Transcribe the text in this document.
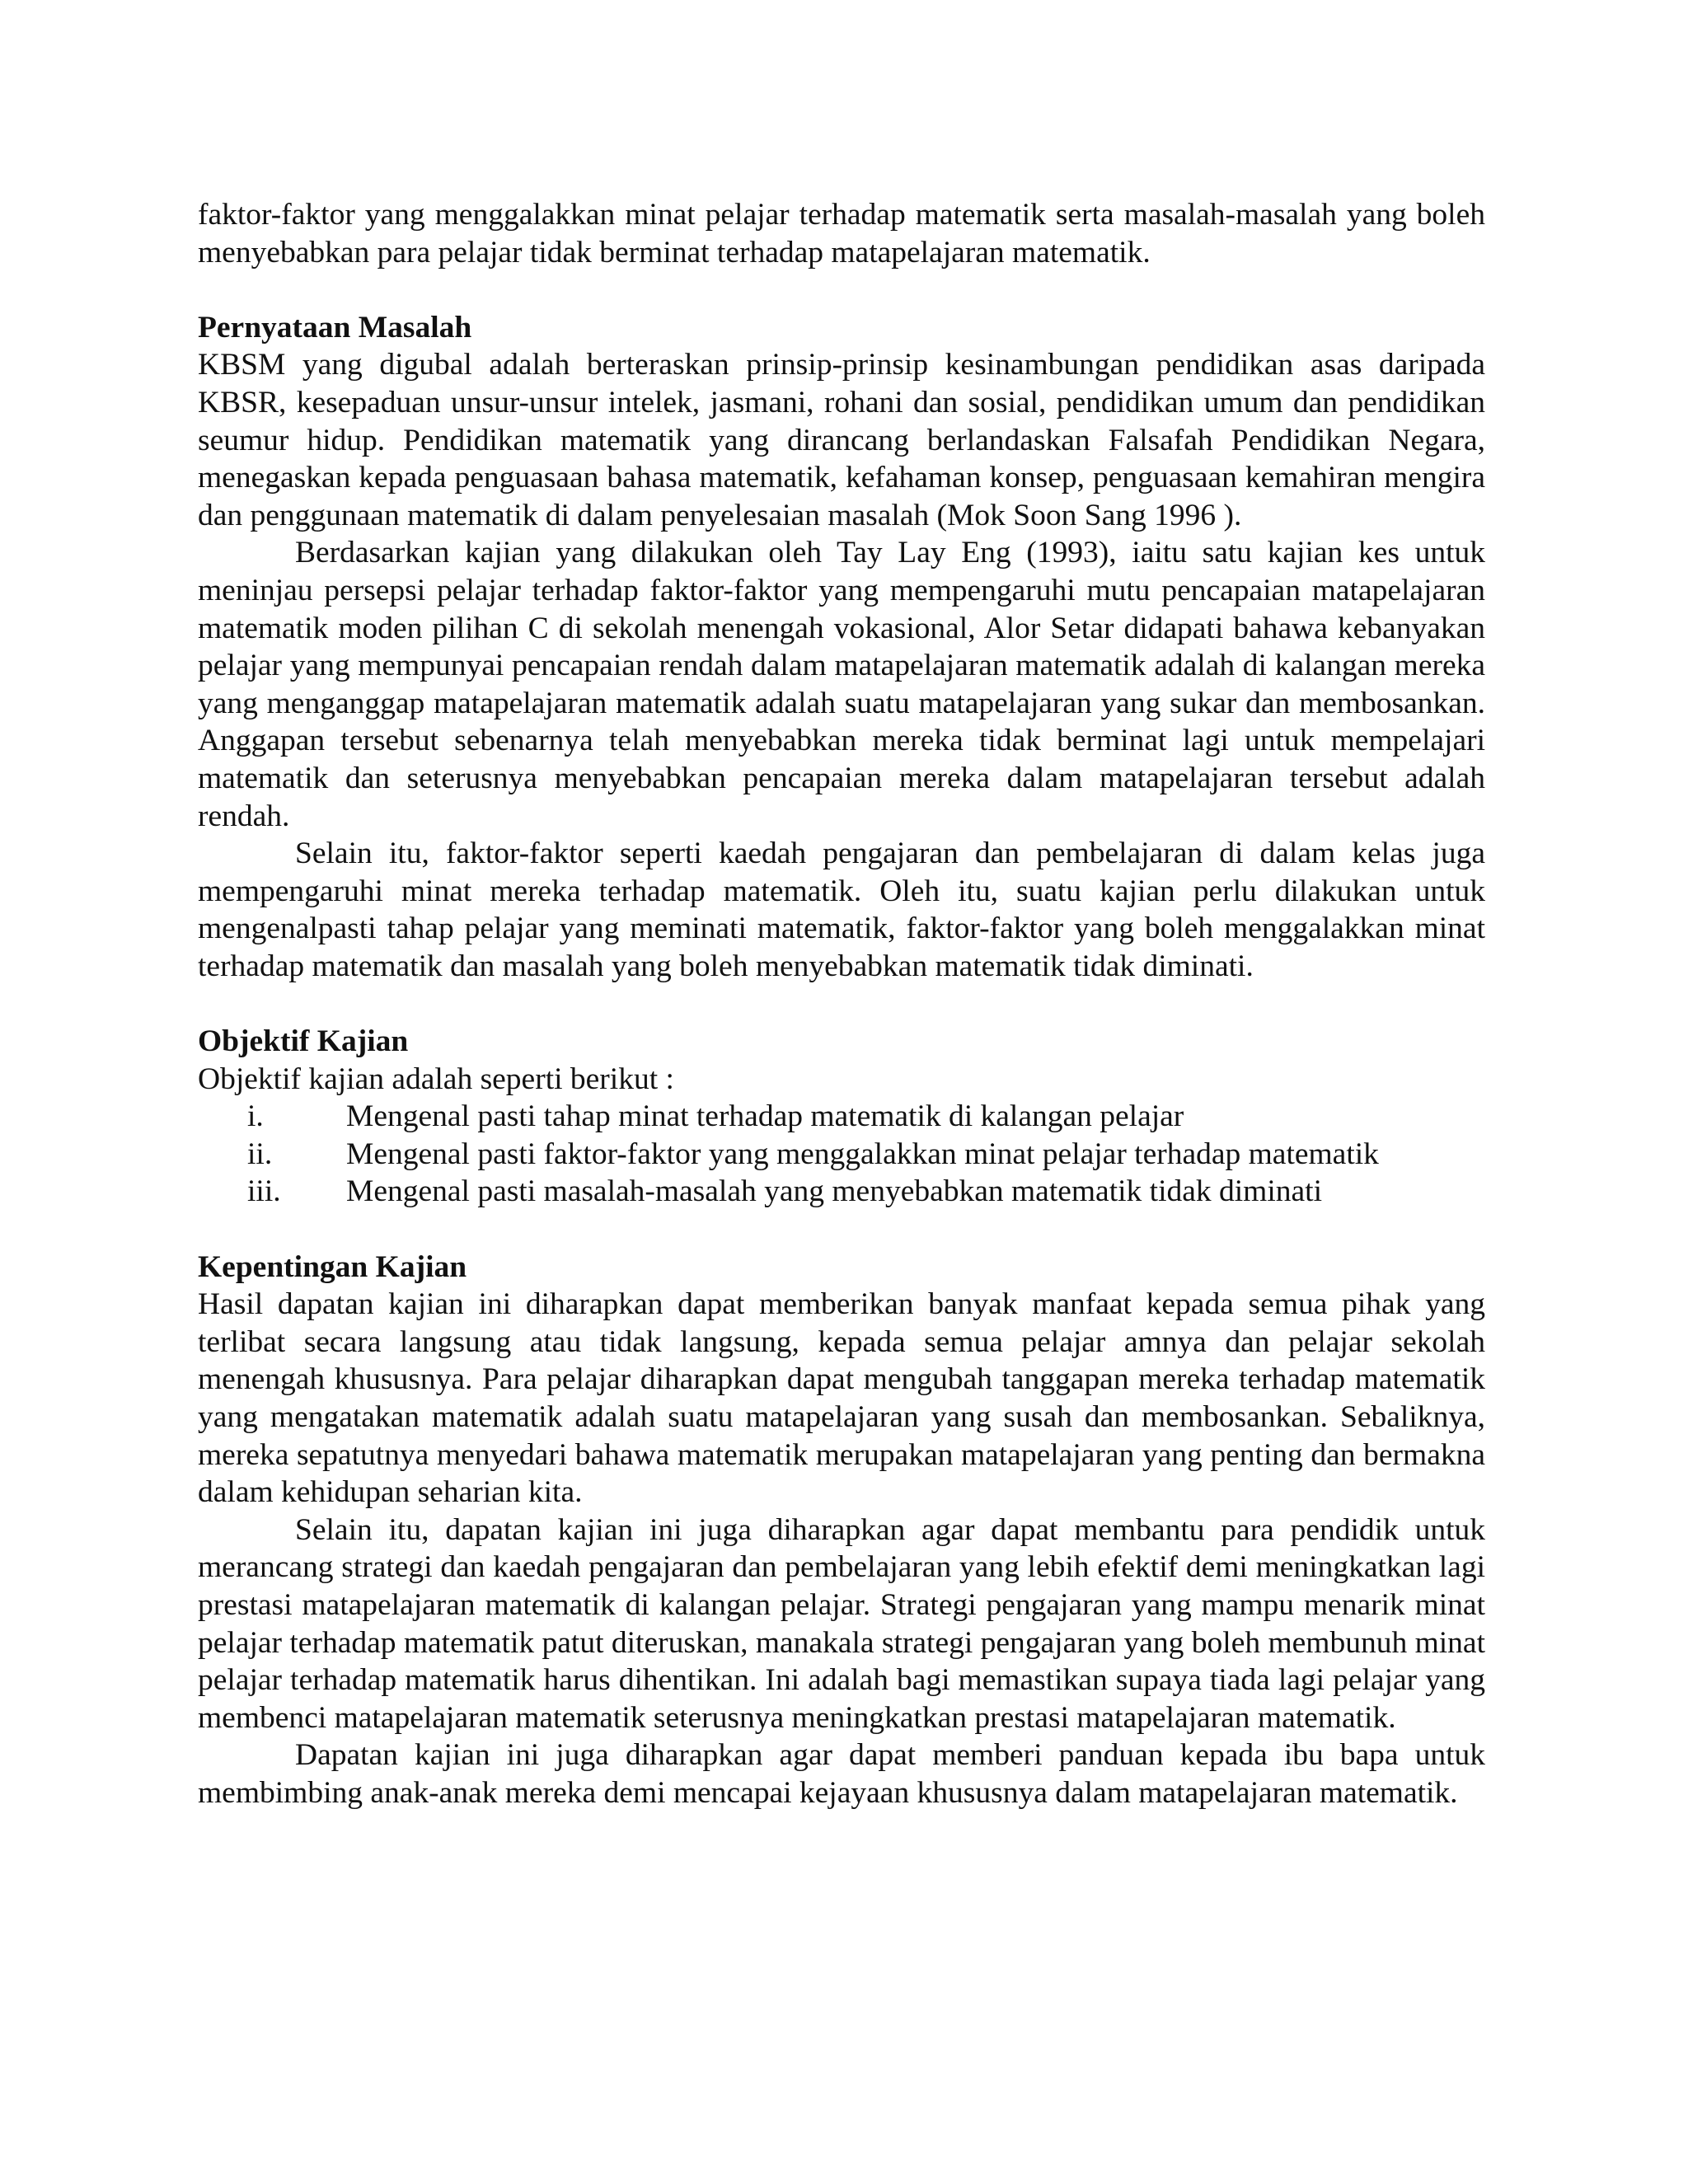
faktor-faktor yang menggalakkan minat pelajar terhadap matematik serta masalah-masalah yang boleh menyebabkan para pelajar tidak berminat terhadap matapelajaran matematik.

Pernyataan Masalah

KBSM yang digubal adalah berteraskan prinsip-prinsip kesinambungan pendidikan asas daripada KBSR, kesepaduan unsur-unsur intelek, jasmani, rohani dan sosial, pendidikan umum dan pendidikan seumur hidup. Pendidikan matematik yang dirancang berlandaskan Falsafah Pendidikan Negara, menegaskan kepada penguasaan bahasa matematik, kefahaman konsep, penguasaan kemahiran mengira dan penggunaan matematik di dalam penyelesaian masalah (Mok Soon Sang 1996 ).

Berdasarkan kajian yang dilakukan oleh Tay Lay Eng (1993), iaitu satu kajian kes untuk meninjau persepsi pelajar terhadap faktor-faktor yang mempengaruhi mutu pencapaian matapelajaran matematik moden pilihan C di sekolah menengah vokasional, Alor Setar didapati bahawa kebanyakan pelajar yang mempunyai pencapaian rendah dalam matapelajaran matematik adalah di kalangan mereka yang menganggap matapelajaran matematik adalah suatu matapelajaran yang sukar dan membosankan. Anggapan tersebut sebenarnya telah menyebabkan mereka tidak berminat lagi untuk mempelajari matematik dan seterusnya menyebabkan pencapaian mereka dalam matapelajaran tersebut adalah rendah.

Selain itu, faktor-faktor seperti kaedah pengajaran dan pembelajaran di dalam kelas juga mempengaruhi minat mereka terhadap matematik. Oleh itu, suatu kajian perlu dilakukan untuk mengenalpasti tahap pelajar yang meminati matematik, faktor-faktor yang boleh menggalakkan minat terhadap matematik dan masalah yang boleh menyebabkan matematik tidak diminati.

Objektif Kajian

Objektif kajian adalah seperti berikut :

i.	Mengenal pasti tahap minat terhadap matematik di kalangan pelajar
ii.	Mengenal pasti faktor-faktor yang menggalakkan minat pelajar terhadap matematik
iii.	Mengenal pasti masalah-masalah yang menyebabkan matematik tidak diminati
Kepentingan Kajian

Hasil dapatan kajian ini diharapkan dapat memberikan banyak manfaat kepada semua pihak yang terlibat secara langsung atau tidak langsung, kepada semua pelajar amnya dan pelajar sekolah menengah khususnya. Para pelajar diharapkan dapat mengubah tanggapan mereka terhadap matematik yang mengatakan matematik adalah suatu matapelajaran yang susah dan membosankan. Sebaliknya, mereka sepatutnya menyedari bahawa matematik merupakan matapelajaran yang penting dan bermakna dalam kehidupan seharian kita.

Selain itu, dapatan kajian ini juga diharapkan agar dapat membantu para pendidik untuk merancang strategi dan kaedah pengajaran dan pembelajaran yang lebih efektif demi meningkatkan lagi prestasi matapelajaran matematik di kalangan pelajar. Strategi pengajaran yang mampu menarik minat pelajar terhadap matematik patut diteruskan, manakala strategi pengajaran yang boleh membunuh minat pelajar terhadap matematik harus dihentikan. Ini adalah bagi memastikan supaya tiada lagi pelajar yang membenci matapelajaran matematik seterusnya meningkatkan prestasi matapelajaran matematik.

Dapatan kajian ini juga diharapkan agar dapat memberi panduan kepada ibu bapa untuk membimbing anak-anak mereka demi mencapai kejayaan khususnya dalam matapelajaran matematik.
